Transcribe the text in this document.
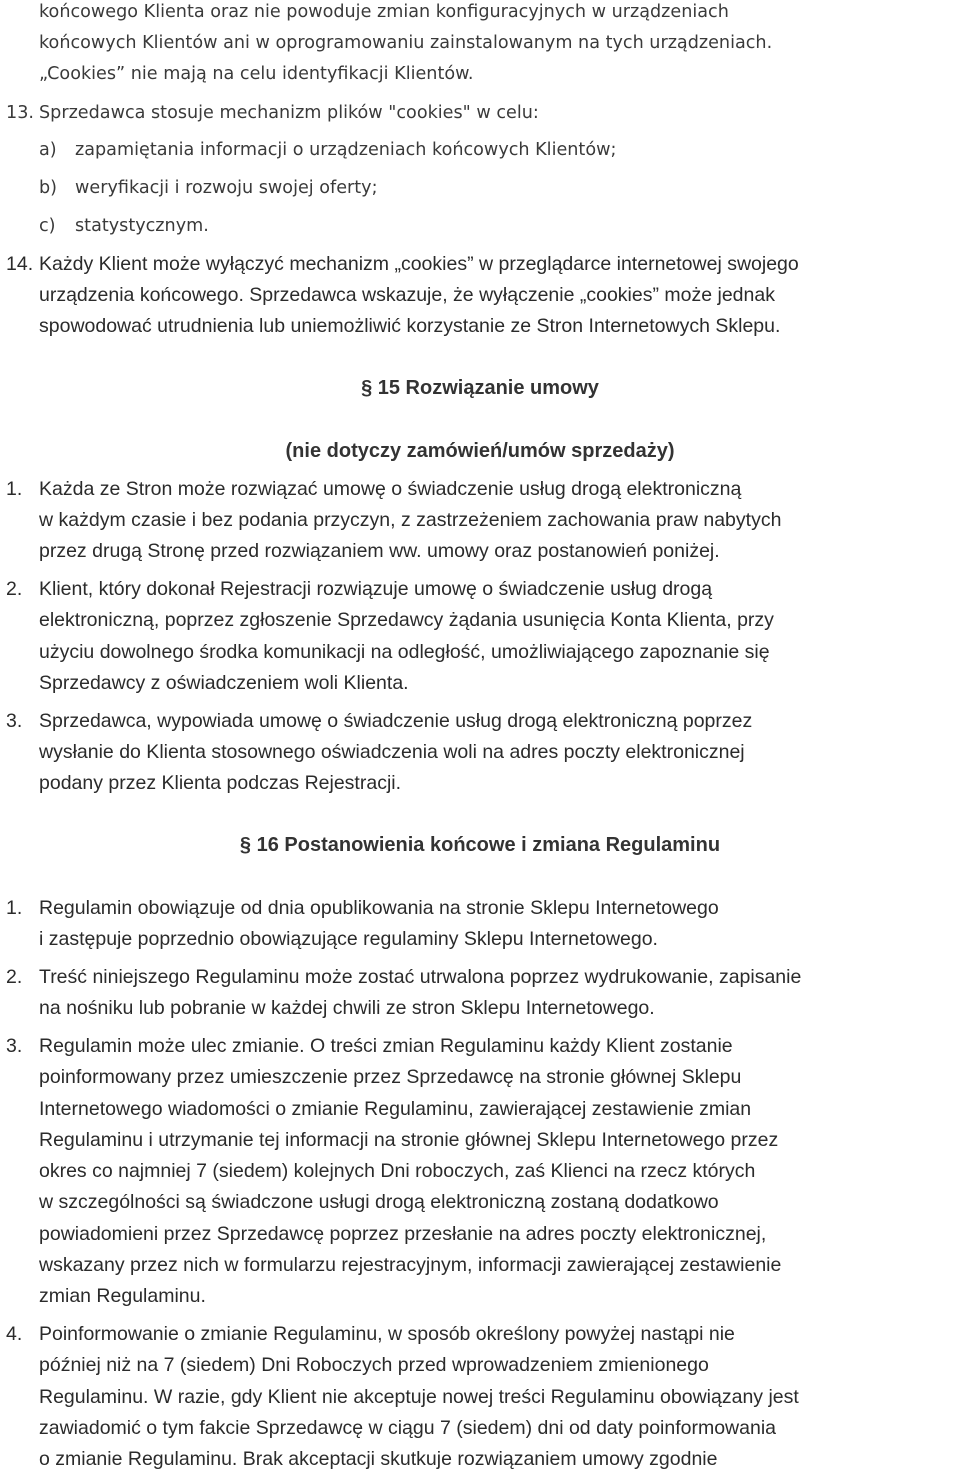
końcowego Klienta oraz nie powoduje zmian konfiguracyjnych w urządzeniach
końcowych Klientów ani w oprogramowaniu zainstalowanym na tych urządzeniach.
„Cookies” nie mają na celu identyfikacji Klientów.
13. Sprzedawca stosuje mechanizm plików "cookies" w celu:
a) zapamiętania informacji o urządzeniach końcowych Klientów;
b) weryfikacji i rozwoju swojej oferty;
c) statystycznym.
14. Każdy Klient może wyłączyć mechanizm „cookies” w przeglądarce internetowej swojego
urządzenia końcowego. Sprzedawca wskazuje, że wyłączenie „cookies” może jednak
spowodować utrudnienia lub uniemożliwić korzystanie ze Stron Internetowych Sklepu.
§ 15 Rozwiązanie umowy
(nie dotyczy zamówień/umów sprzedaży)
1. Każda ze Stron może rozwiązać umowę o świadczenie usług drogą elektroniczną
w każdym czasie i bez podania przyczyn, z zastrzeżeniem zachowania praw nabytych
przez drugą Stronę przed rozwiązaniem ww. umowy oraz postanowień poniżej.
2. Klient, który dokonał Rejestracji rozwiązuje umowę o świadczenie usług drogą
elektroniczną, poprzez zgłoszenie Sprzedawcy żądania usunięcia Konta Klienta, przy
użyciu dowolnego środka komunikacji na odległość, umożliwiającego zapoznanie się
Sprzedawcy z oświadczeniem woli Klienta.
3. Sprzedawca, wypowiada umowę o świadczenie usług drogą elektroniczną poprzez
wysłanie do Klienta stosownego oświadczenia woli na adres poczty elektronicznej
podany przez Klienta podczas Rejestracji.
§ 16 Postanowienia końcowe i zmiana Regulaminu
1. Regulamin obowiązuje od dnia opublikowania na stronie Sklepu Internetowego
i zastępuje poprzednio obowiązujące regulaminy Sklepu Internetowego.
2. Treść niniejszego Regulaminu może zostać utrwalona poprzez wydrukowanie, zapisanie
na nośniku lub pobranie w każdej chwili ze stron Sklepu Internetowego.
3. Regulamin może ulec zmianie. O treści zmian Regulaminu każdy Klient zostanie
poinformowany przez umieszczenie przez Sprzedawcę na stronie głównej Sklepu
Internetowego wiadomości o zmianie Regulaminu, zawierającej zestawienie zmian
Regulaminu i utrzymanie tej informacji na stronie głównej Sklepu Internetowego przez
okres co najmniej 7 (siedem) kolejnych Dni roboczych, zaś Klienci na rzecz których
w szczególności są świadczone usługi drogą elektroniczną zostaną dodatkowo
powiadomieni przez Sprzedawcę poprzez przesłanie na adres poczty elektronicznej,
wskazany przez nich w formularzu rejestracyjnym, informacji zawierającej zestawienie
zmian Regulaminu.
4. Poinformowanie o zmianie Regulaminu, w sposób określony powyżej nastąpi nie
później niż na 7 (siedem) Dni Roboczych przed wprowadzeniem zmienionego
Regulaminu. W razie, gdy Klient nie akceptuje nowej treści Regulaminu obowiązany jest
zawiadomić o tym fakcie Sprzedawcę w ciągu 7 (siedem) dni od daty poinformowania
o zmianie Regulaminu. Brak akceptacji skutkuje rozwiązaniem umowy zgodnie
